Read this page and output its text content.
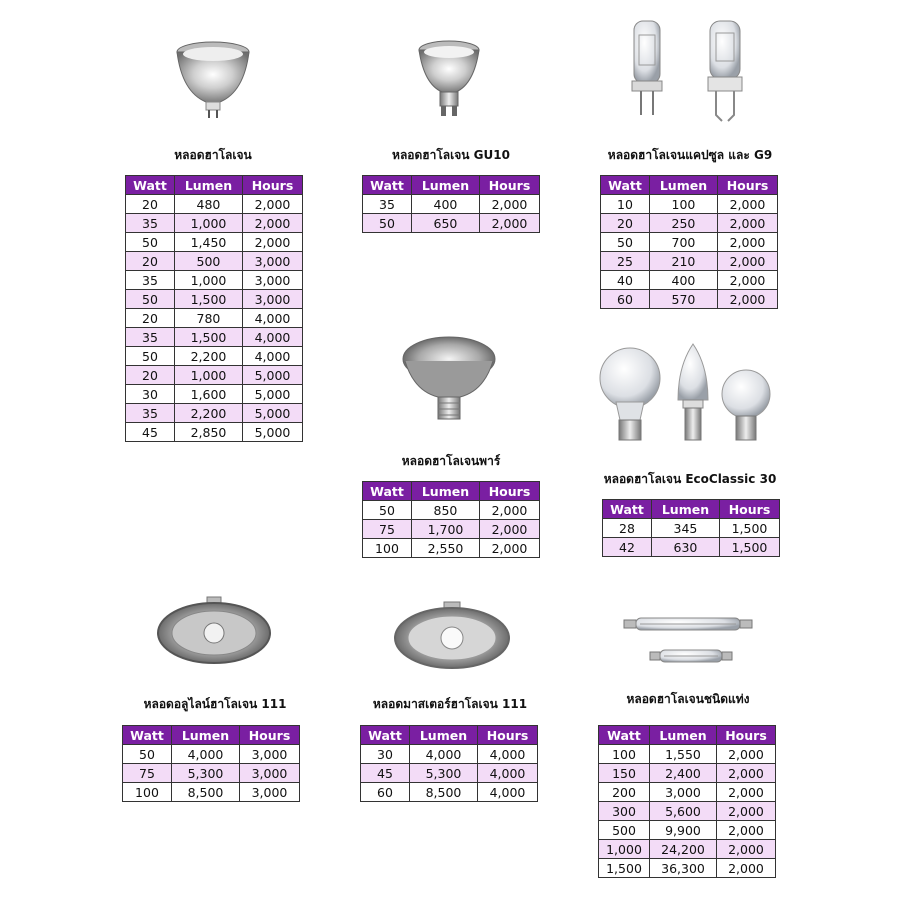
หลอดฮาโลเจน
Watt	Lumen	Hours
20	480	2,000
35	1,000	2,000
50	1,450	2,000
20	500	3,000
35	1,000	3,000
50	1,500	3,000
20	780	4,000
35	1,500	4,000
50	2,200	4,000
20	1,000	5,000
30	1,600	5,000
35	2,200	5,000
45	2,850	5,000
หลอดฮาโลเจน GU10
Watt	Lumen	Hours
35	400	2,000
50	650	2,000
หลอดฮาโลเจนแคปซูล และ G9
Watt	Lumen	Hours
10	100	2,000
20	250	2,000
50	700	2,000
25	210	2,000
40	400	2,000
60	570	2,000
หลอดฮาโลเจนพาร์
Watt	Lumen	Hours
50	850	2,000
75	1,700	2,000
100	2,550	2,000
หลอดฮาโลเจน EcoClassic 30
Watt	Lumen	Hours
28	345	1,500
42	630	1,500
หลอดอลูไลน์ฮาโลเจน 111
Watt	Lumen	Hours
50	4,000	3,000
75	5,300	3,000
100	8,500	3,000
หลอดมาสเตอร์ฮาโลเจน 111
Watt	Lumen	Hours
30	4,000	4,000
45	5,300	4,000
60	8,500	4,000
หลอดฮาโลเจนชนิดแท่ง
Watt	Lumen	Hours
100	1,550	2,000
150	2,400	2,000
200	3,000	2,000
300	5,600	2,000
500	9,900	2,000
1,000	24,200	2,000
1,500	36,300	2,000
